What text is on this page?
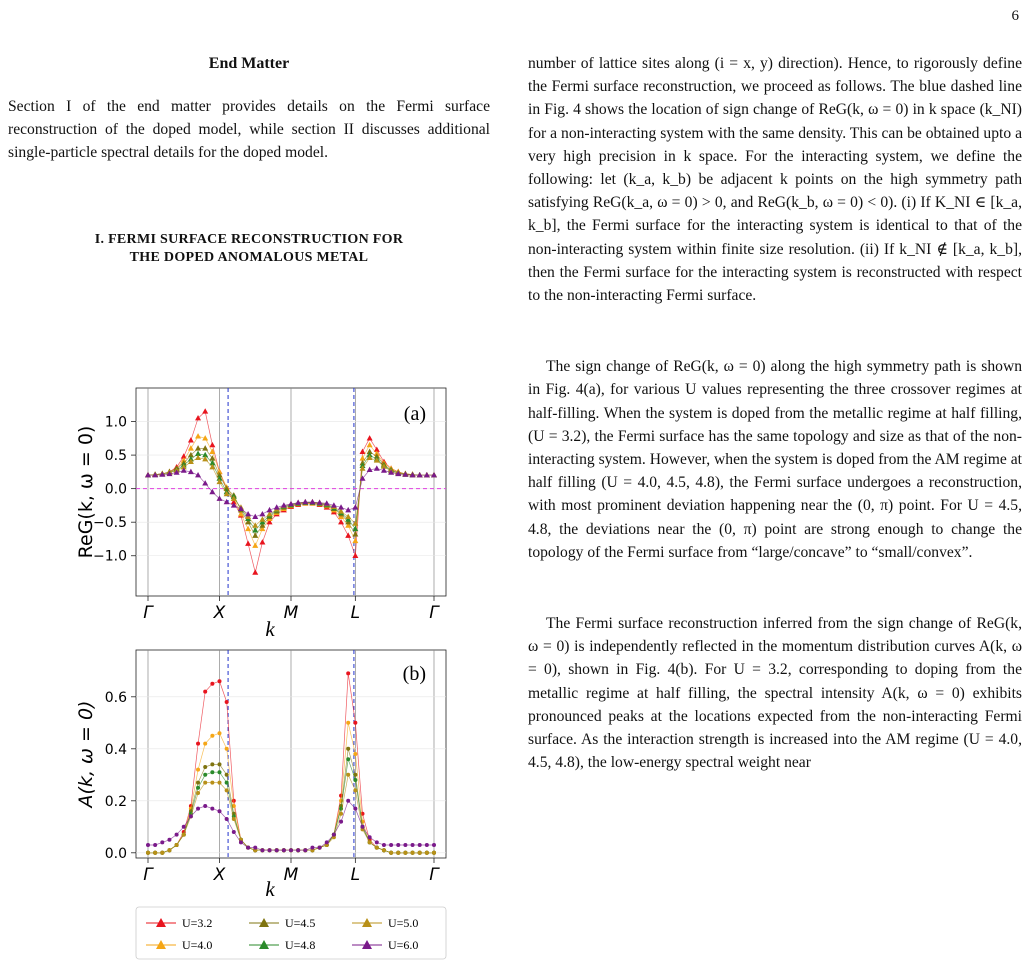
6
End Matter

Section I of the end matter provides details on the Fermi surface reconstruction of the doped model, while section II discusses additional single-particle spectral details for the doped model.

I. FERMI SURFACE RECONSTRUCTION FOR
THE DOPED ANOMALOUS METAL
(a)
(b)
1.0
0.5
0.0
−0.5
−1.0
0.6
0.4
0.2
0.0
Γ	X	M	L	Γ
Γ	X	M	L	Γ
ReG(k, ω = 0)
A(k, ω = 0)
k
k
U=3.2	U=4.5	U=5.0
U=4.0	U=4.8	U=6.0

number of lattice sites along (i = x, y) direction). Hence, to rigorously define the Fermi surface reconstruction, we proceed as follows. The blue dashed line in Fig. 4 shows the location of sign change of ReG(k, ω = 0) in k space (k_NI) for a non-interacting system with the same density. This can be obtained upto a very high precision in k space. For the interacting system, we define the following: let (k_a, k_b) be adjacent k points on the high symmetry path satisfying ReG(k_a, ω = 0) > 0, and ReG(k_b, ω = 0) < 0). (i) If K_NI ∈ [k_a, k_b], the Fermi surface for the interacting system is identical to that of the non-interacting system within finite size resolution. (ii) If k_NI ∉ [k_a, k_b], then the Fermi surface for the interacting system is reconstructed with respect to the non-interacting Fermi surface.

The sign change of ReG(k, ω = 0) along the high symmetry path is shown in Fig. 4(a), for various U values representing the three crossover regimes at half-filling. When the system is doped from the metallic regime at half filling, (U = 3.2), the Fermi surface has the same topology and size as that of the non-interacting system. However, when the system is doped from the AM regime at half filling (U = 4.0, 4.5, 4.8), the Fermi surface undergoes a reconstruction, with most prominent deviation happening near the (0, π) point. For U = 4.5, 4.8, the deviations near the (0, π) point are strong enough to change the topology of the Fermi surface from “large/concave” to “small/convex”.

The Fermi surface reconstruction inferred from the sign change of ReG(k, ω = 0) is independently reflected in the momentum distribution curves A(k, ω = 0), shown in Fig. 4(b). For U = 3.2, corresponding to doping from the metallic regime at half filling, the spectral intensity A(k, ω = 0) exhibits pronounced peaks at the locations expected from the non-interacting Fermi surface. As the interaction strength is increased into the AM regime (U = 4.0, 4.5, 4.8), the low-energy spectral weight near
